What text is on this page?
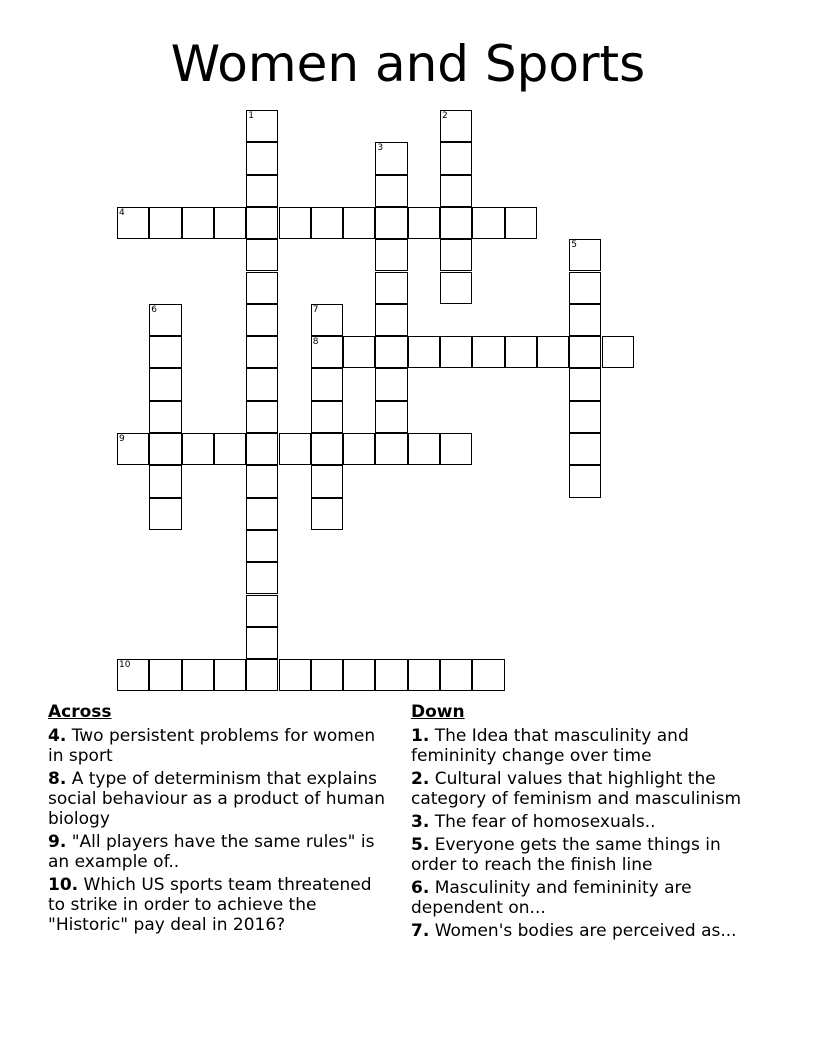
Women and Sports
1	2
3
4
5
6	7
8
9
10
Across
4. Two persistent problems for women in sport
8. A type of determinism that explains social behaviour as a product of human biology
9. "All players have the same rules" is an example of..
10. Which US sports team threatened to strike in order to achieve the "Historic" pay deal in 2016?
Down
1. The Idea that masculinity and femininity change over time
2. Cultural values that highlight the category of feminism and masculinism
3. The fear of homosexuals..
5. Everyone gets the same things in order to reach the finish line
6. Masculinity and femininity are dependent on...
7. Women's bodies are perceived as...
